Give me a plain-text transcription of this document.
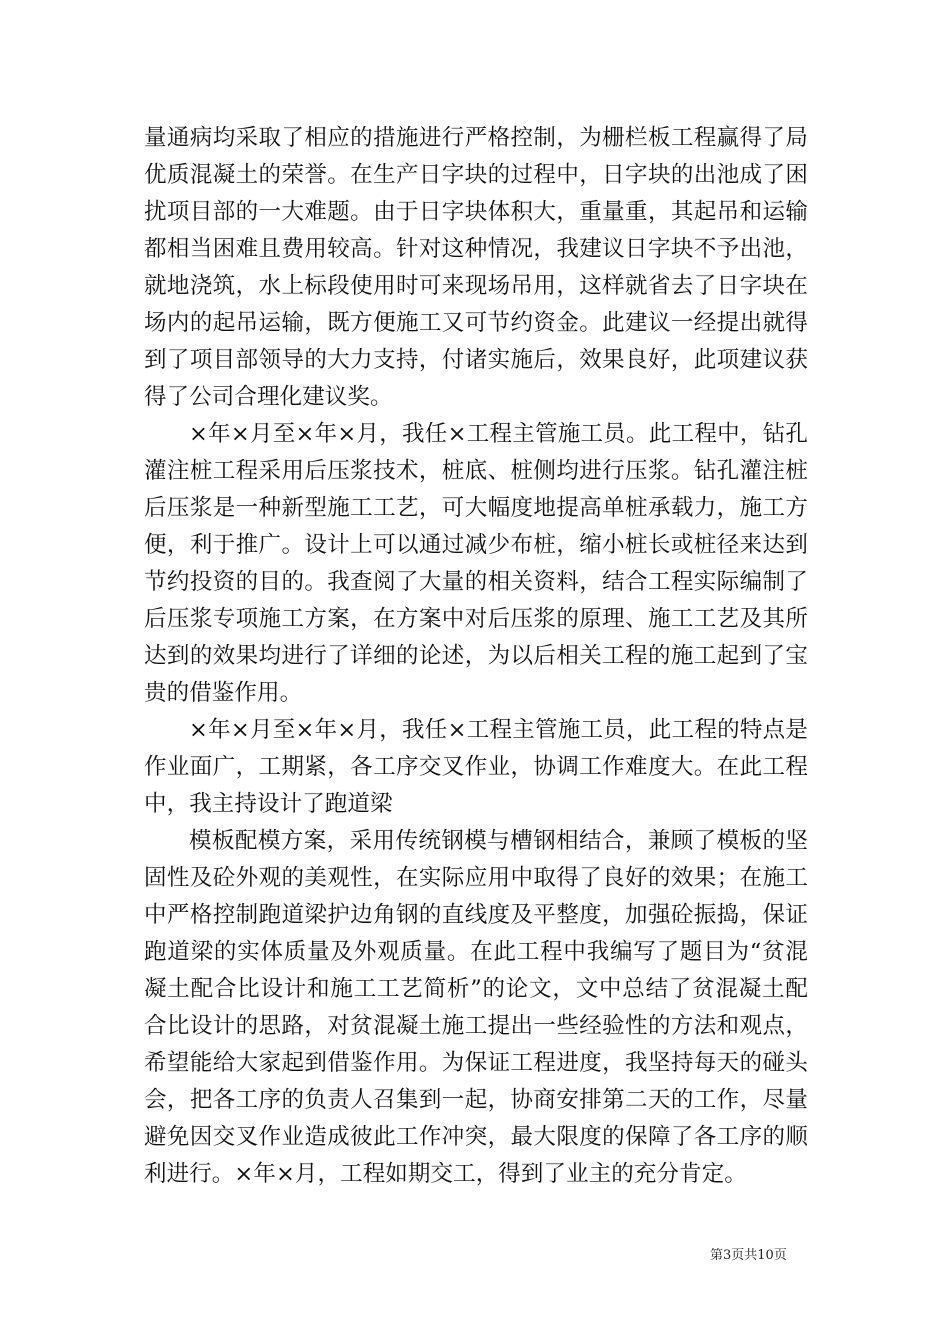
量通病均采取了相应的措施进行严格控制，为栅栏板工程赢得了局优质混凝土的荣誉。在生产日字块的过程中，日字块的出池成了困扰项目部的一大难题。由于日字块体积大，重量重，其起吊和运输都相当困难且费用较高。针对这种情况，我建议日字块不予出池，就地浇筑，水上标段使用时可来现场吊用，这样就省去了日字块在场内的起吊运输，既方便施工又可节约资金。此建议一经提出就得到了项目部领导的大力支持，付诸实施后，效果良好，此项建议获得了公司合理化建议奖。

×年×月至×年×月，我任×工程主管施工员。此工程中，钻孔灌注桩工程采用后压浆技术，桩底、桩侧均进行压浆。钻孔灌注桩后压浆是一种新型施工工艺，可大幅度地提高单桩承载力，施工方便，利于推广。设计上可以通过减少布桩，缩小桩长或桩径来达到节约投资的目的。我查阅了大量的相关资料，结合工程实际编制了后压浆专项施工方案，在方案中对后压浆的原理、施工工艺及其所达到的效果均进行了详细的论述，为以后相关工程的施工起到了宝贵的借鉴作用。

×年×月至×年×月，我任×工程主管施工员，此工程的特点是作业面广，工期紧，各工序交叉作业，协调工作难度大。在此工程中，我主持设计了跑道梁

模板配模方案，采用传统钢模与槽钢相结合，兼顾了模板的坚固性及砼外观的美观性，在实际应用中取得了良好的效果；在施工中严格控制跑道梁护边角钢的直线度及平整度，加强砼振捣，保证跑道梁的实体质量及外观质量。在此工程中我编写了题目为“贫混凝土配合比设计和施工工艺简析”的论文，文中总结了贫混凝土配合比设计的思路，对贫混凝土施工提出一些经验性的方法和观点，希望能给大家起到借鉴作用。为保证工程进度，我坚持每天的碰头会，把各工序的负责人召集到一起，协商安排第二天的工作，尽量避免因交叉作业造成彼此工作冲突，最大限度的保障了各工序的顺利进行。×年×月，工程如期交工，得到了业主的充分肯定。

第3页共10页
